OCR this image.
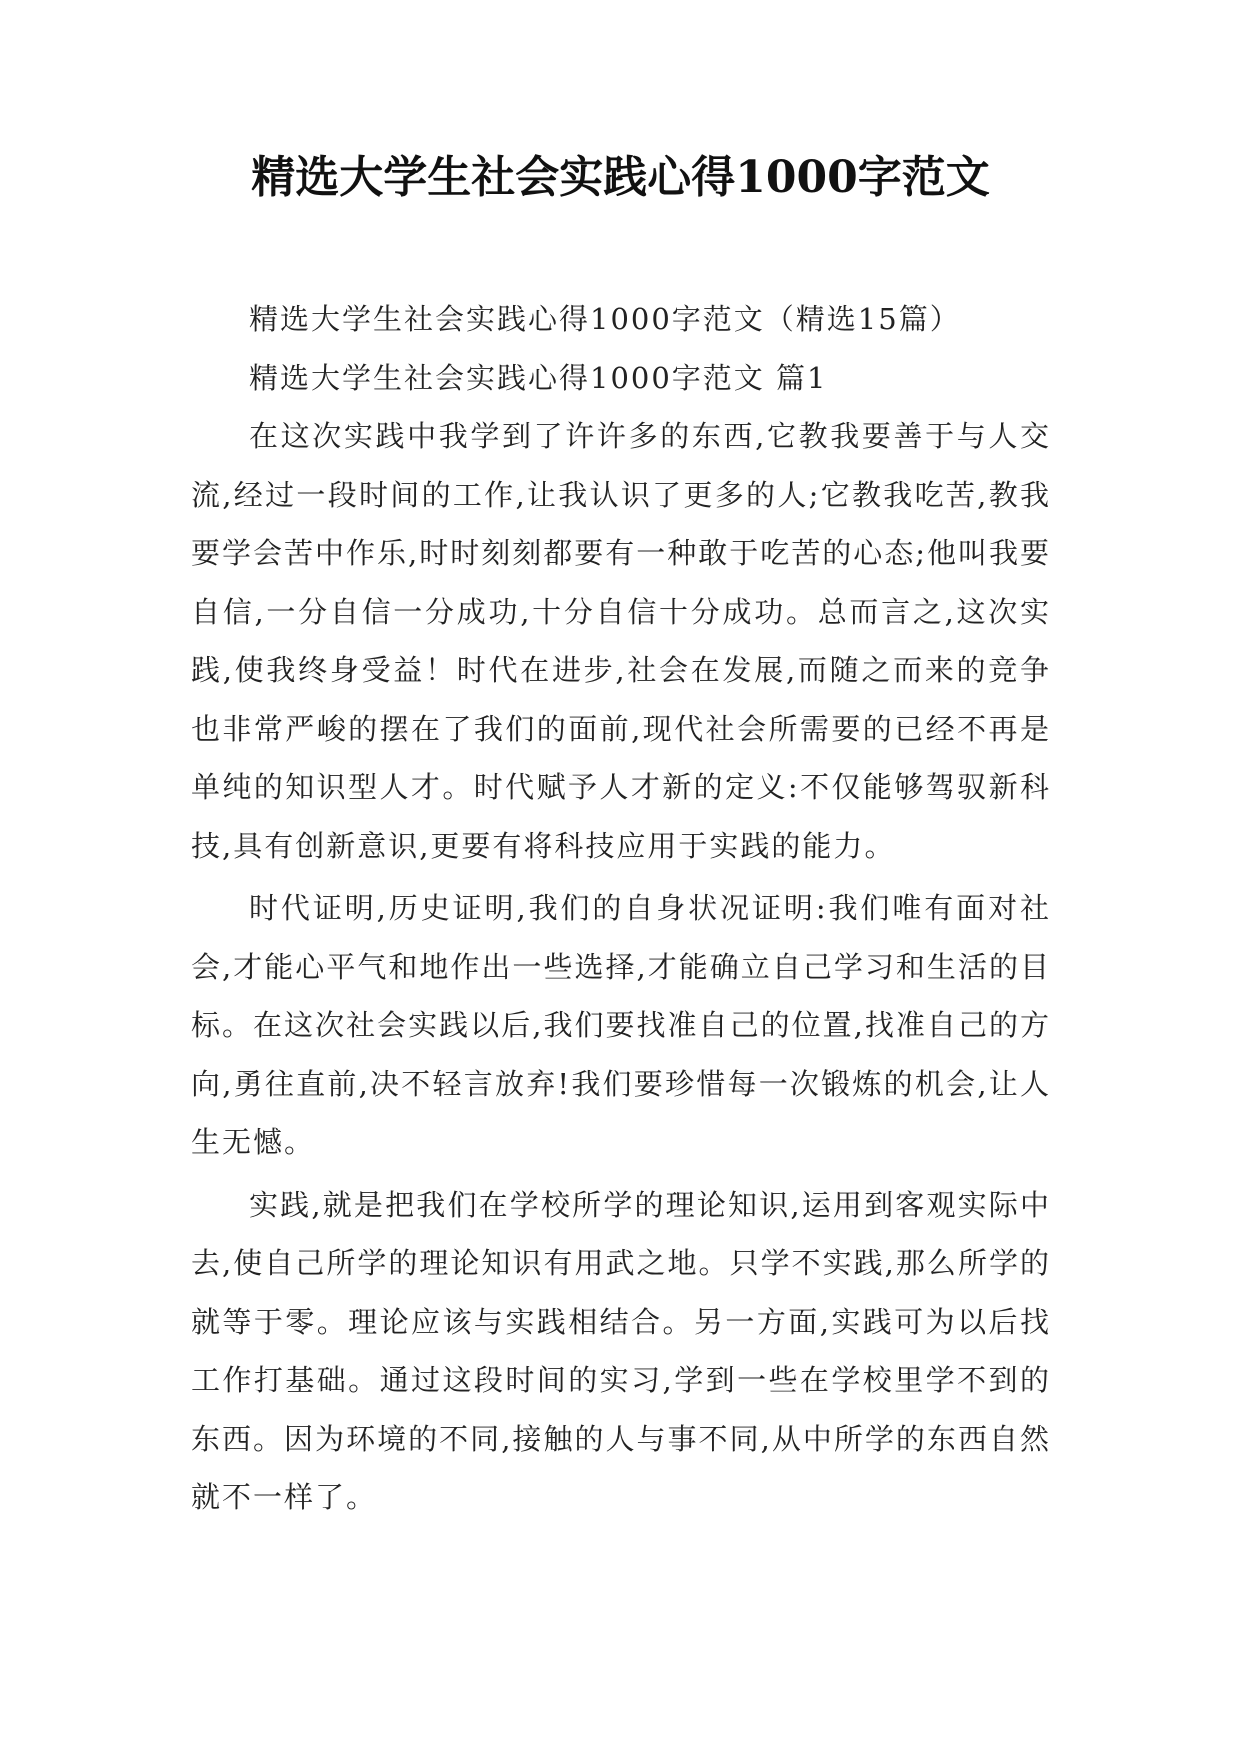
精选大学生社会实践心得1000字范文

精选大学生社会实践心得1000字范文（精选15篇）

精选大学生社会实践心得1000字范文 篇1

在这次实践中我学到了许许多的东西,它教我要善于与人交流,经过一段时间的工作,让我认识了更多的人;它教我吃苦,教我要学会苦中作乐,时时刻刻都要有一种敢于吃苦的心态;他叫我要自信,一分自信一分成功,十分自信十分成功。总而言之,这次实践,使我终身受益！时代在进步,社会在发展,而随之而来的竞争也非常严峻的摆在了我们的面前,现代社会所需要的已经不再是单纯的知识型人才。时代赋予人才新的定义:不仅能够驾驭新科技,具有创新意识,更要有将科技应用于实践的能力。

时代证明,历史证明,我们的自身状况证明:我们唯有面对社会,才能心平气和地作出一些选择,才能确立自己学习和生活的目标。在这次社会实践以后,我们要找准自己的位置,找准自己的方向,勇往直前,决不轻言放弃!我们要珍惜每一次锻炼的机会,让人生无憾。

实践,就是把我们在学校所学的理论知识,运用到客观实际中去,使自己所学的理论知识有用武之地。只学不实践,那么所学的就等于零。理论应该与实践相结合。另一方面,实践可为以后找工作打基础。通过这段时间的实习,学到一些在学校里学不到的东西。因为环境的不同,接触的人与事不同,从中所学的东西自然就不一样了。
